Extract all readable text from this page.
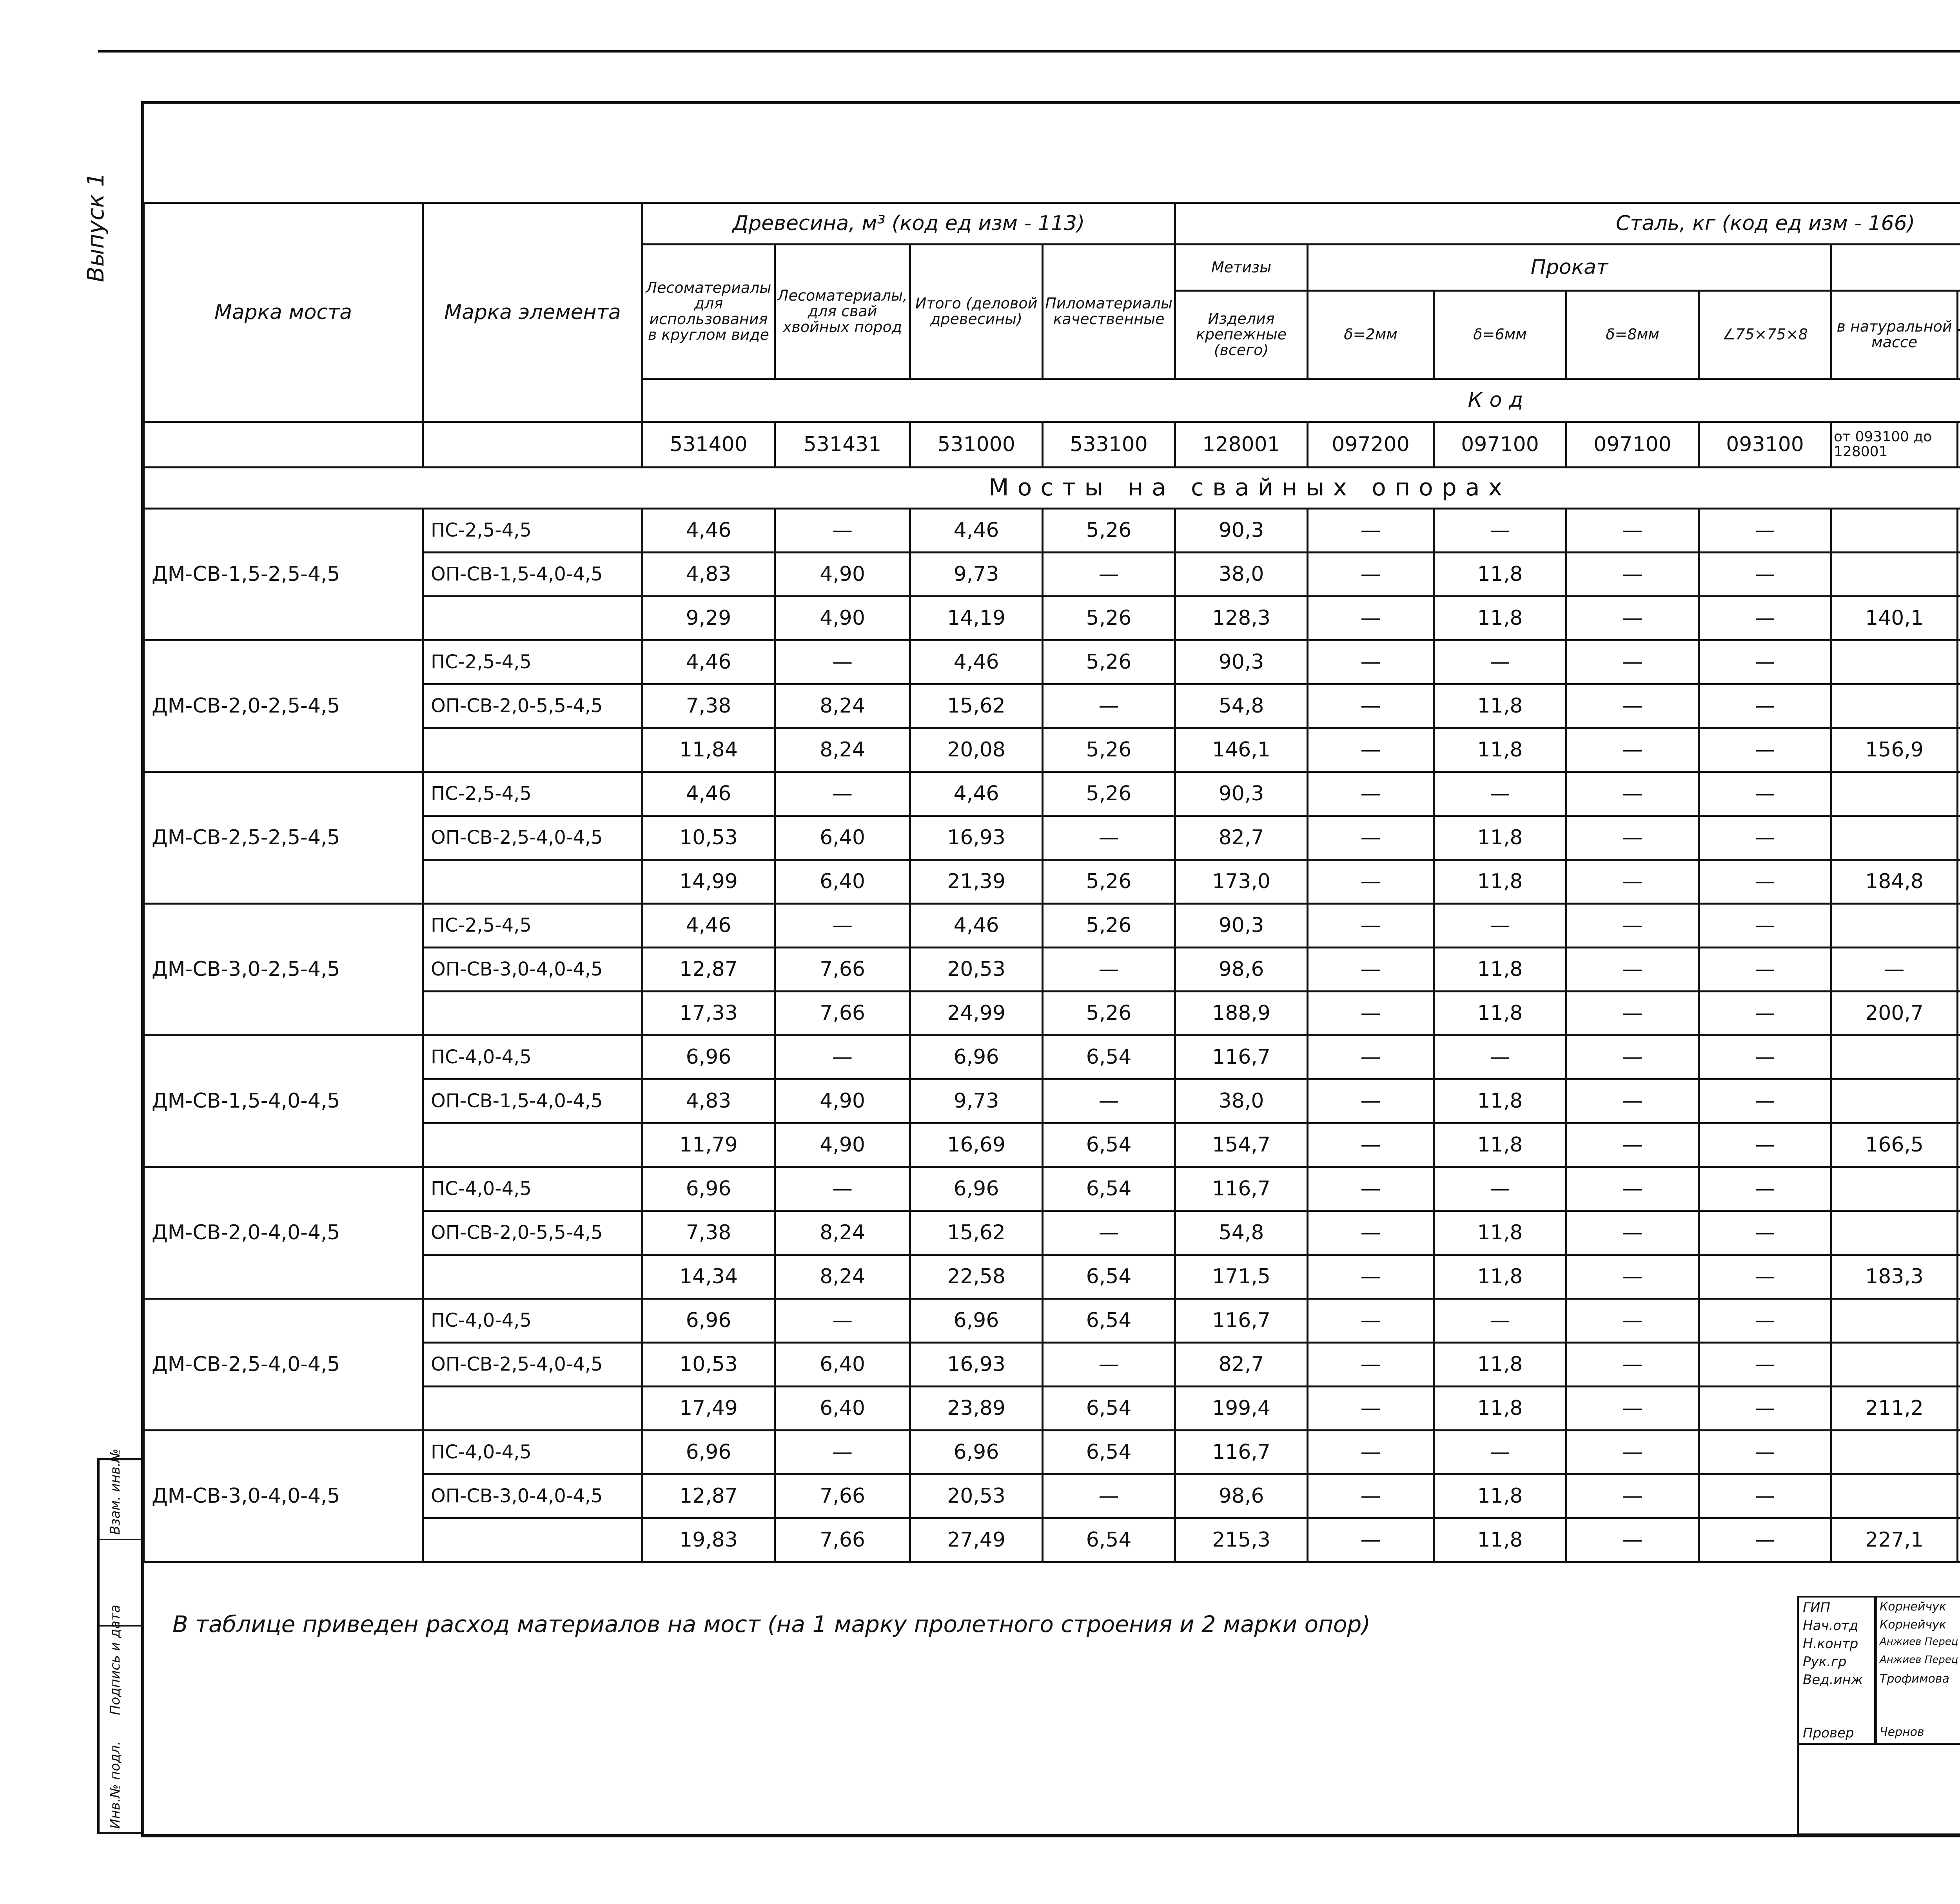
Выпуск 1
Инв.№ подл.
Подпись и дата
Взам. инв.№
Марка моста	Марка элемента	Древесина, м³ (код ед изм - 113)				Сталь, кг (код ед изм - 166)								
		Лесоматериалы для использования в круглом виде	Лесоматериалы, для свай хвойных пород	Итого (деловой древесины)	Пиломатериалы качественные	Метизы	Прокат	
						Изделия крепежные (всего)	δ=2мм	δ=6мм	δ=8мм	∠75×75×8	в натуральной массе	

		Код												
		531400	531431	531000	533100	128001	097200	097100	097100	093100	от 093100 до 128001			
Мосты на свайных опорах														
ДМ-СВ-1,5-2,5-4,5	ПС-2,5-4,5	4,46	—	4,46	5,26	90,3	—	—	—	—				
	ОП-СВ-1,5-4,0-4,5	4,83	4,90	9,73	—	38,0	—	11,8	—	—				
		9,29	4,90	14,19	5,26	128,3	—	11,8	—	—	140,1			
ДМ-СВ-2,0-2,5-4,5	ПС-2,5-4,5	4,46	—	4,46	5,26	90,3	—	—	—	—				
	ОП-СВ-2,0-5,5-4,5	7,38	8,24	15,62	—	54,8	—	11,8	—	—				
		11,84	8,24	20,08	5,26	146,1	—	11,8	—	—	156,9			
ДМ-СВ-2,5-2,5-4,5	ПС-2,5-4,5	4,46	—	4,46	5,26	90,3	—	—	—	—				
	ОП-СВ-2,5-4,0-4,5	10,53	6,40	16,93	—	82,7	—	11,8	—	—				
		14,99	6,40	21,39	5,26	173,0	—	11,8	—	—	184,8			
ДМ-СВ-3,0-2,5-4,5	ПС-2,5-4,5	4,46	—	4,46	5,26	90,3	—	—	—	—				
	ОП-СВ-3,0-4,0-4,5	12,87	7,66	20,53	—	98,6	—	11,8	—	—	—			
		17,33	7,66	24,99	5,26	188,9	—	11,8	—	—	200,7			
ДМ-СВ-1,5-4,0-4,5	ПС-4,0-4,5	6,96	—	6,96	6,54	116,7	—	—	—	—				
	ОП-СВ-1,5-4,0-4,5	4,83	4,90	9,73	—	38,0	—	11,8	—	—				
		11,79	4,90	16,69	6,54	154,7	—	11,8	—	—	166,5			
ДМ-СВ-2,0-4,0-4,5	ПС-4,0-4,5	6,96	—	6,96	6,54	116,7	—	—	—	—				
	ОП-СВ-2,0-5,5-4,5	7,38	8,24	15,62	—	54,8	—	11,8	—	—				
		14,34	8,24	22,58	6,54	171,5	—	11,8	—	—	183,3			
ДМ-СВ-2,5-4,0-4,5	ПС-4,0-4,5	6,96	—	6,96	6,54	116,7	—	—	—	—				
	ОП-СВ-2,5-4,0-4,5	10,53	6,40	16,93	—	82,7	—	11,8	—	—				
		17,49	6,40	23,89	6,54	199,4	—	11,8	—	—	211,2			
ДМ-СВ-3,0-4,0-4,5	ПС-4,0-4,5	6,96	—	6,96	6,54	116,7	—	—	—	—				
	ОП-СВ-3,0-4,0-4,5	12,87	7,66	20,53	—	98,6	—	11,8	—	—				
		19,83	7,66	27,49	6,54	215,3	—	11,8	—	—	227,1			
В таблице приведен расход материалов на мост (на 1 марку пролетного строения и 2 марки опор)
ГИП
Нач.отд
Н.контр
Рук.гр
Вед.инж
Провер
Корнейчук
Корнейчук
Анжиев Перец
Анжиев Перец
Трофимова
Чернов
